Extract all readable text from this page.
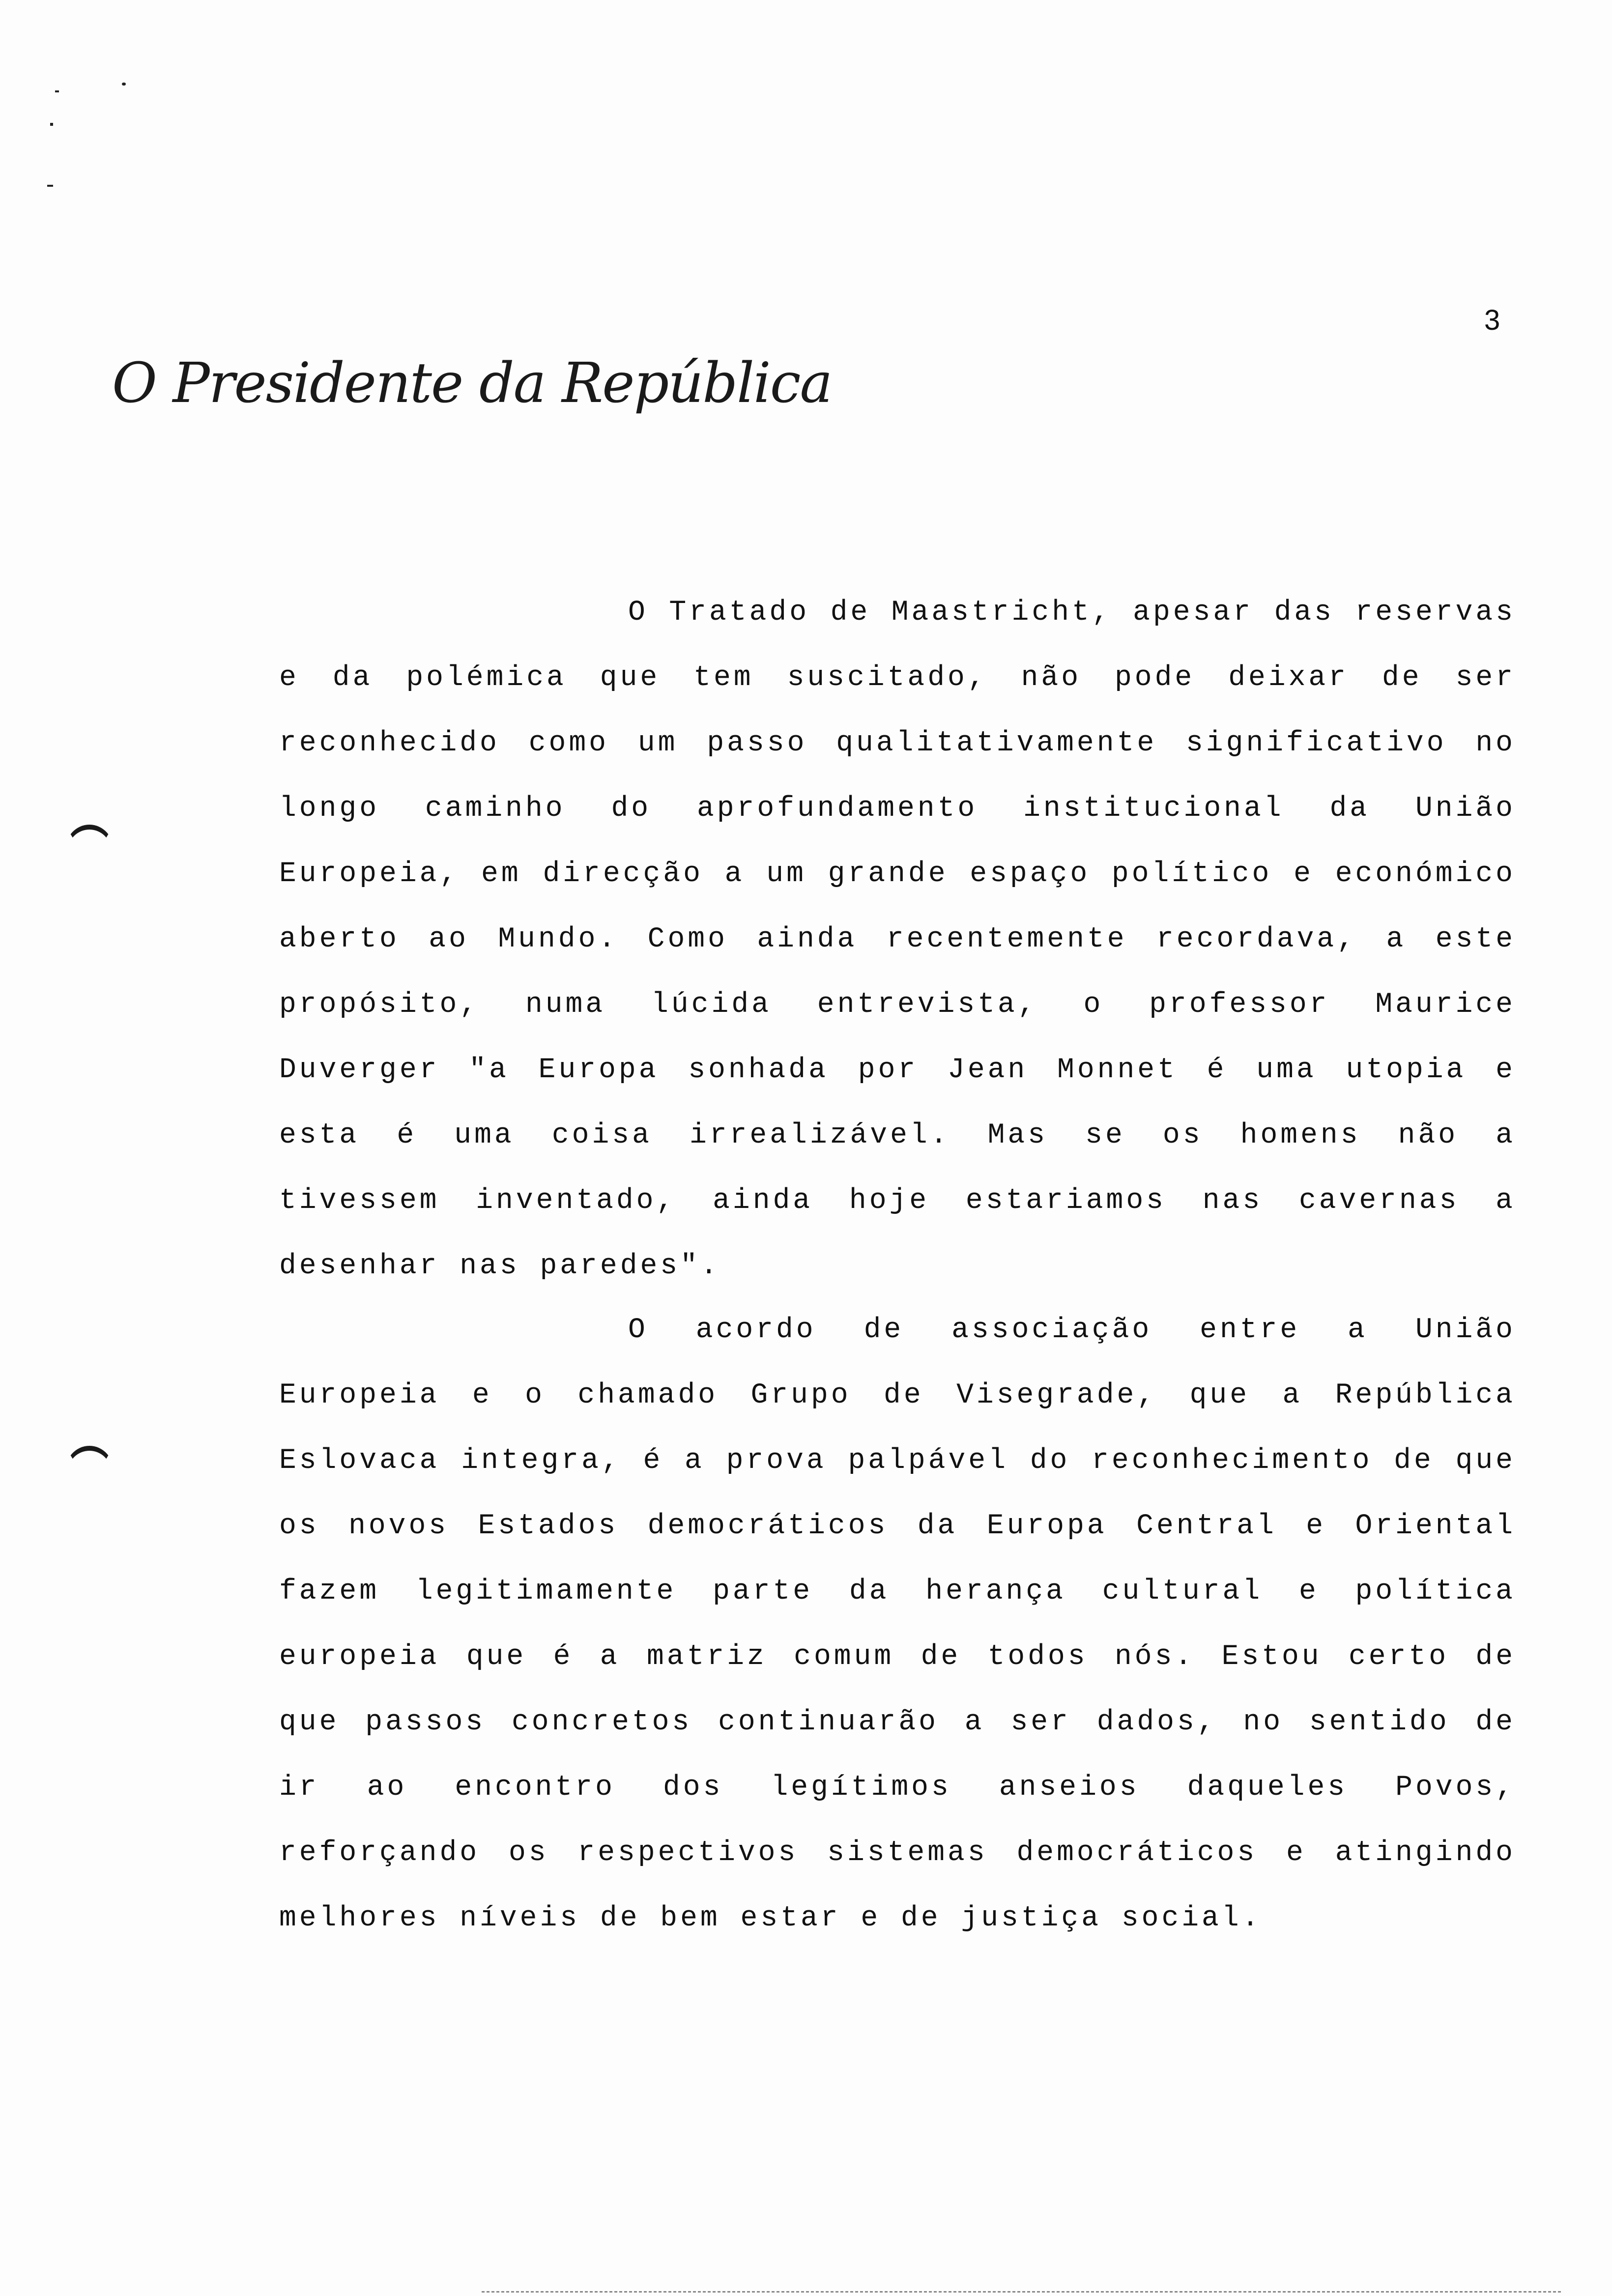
3
O Presidente da República

O Tratado de Maastricht, apesar das reservas e da polémica que tem suscitado, não pode deixar de ser reconhecido como um passo qualitativamente significativo no longo caminho do aprofundamento institucional da União Europeia, em direcção a um grande espaço político e económico aberto ao Mundo. Como ainda recentemente recordava, a este propósito, numa lúcida entrevista, o professor Maurice Duverger "a Europa sonhada por Jean Monnet é uma utopia e esta é uma coisa irrealizável. Mas se os homens não a tivessem inventado, ainda hoje estariamos nas cavernas a desenhar nas paredes".

O acordo de associação entre a União Europeia e o chamado Grupo de Visegrade, que a República Eslovaca integra, é a prova palpável do reconhecimento de que os novos Estados democráticos da Europa Central e Oriental fazem legitimamente parte da herança cultural e política europeia que é a matriz comum de todos nós. Estou certo de que passos concretos continuarão a ser dados, no sentido de ir ao encontro dos legítimos anseios daqueles Povos, reforçando os respectivos sistemas democráticos e atingindo melhores níveis de bem estar e de justiça social.
